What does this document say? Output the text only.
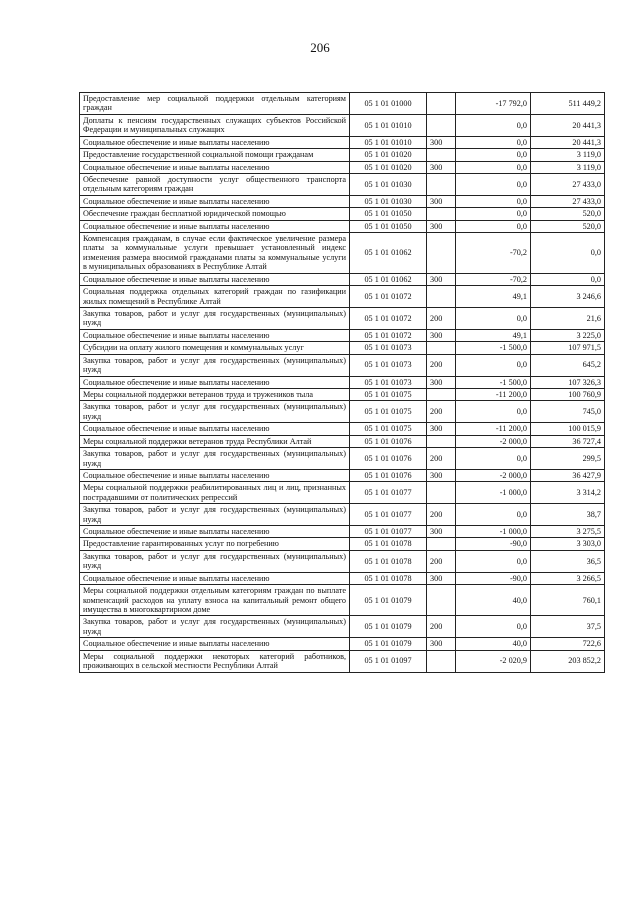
206
Предоставление мер социальной поддержки отдельным категориям граждан	05 1 01 01000		-17 792,0	511 449,2
Доплаты к пенсиям государственных служащих субъектов Российской Федерации и муниципальных служащих	05 1 01 01010		0,0	20 441,3
Социальное обеспечение и иные выплаты населению	05 1 01 01010	300	0,0	20 441,3
Предоставление государственной социальной помощи гражданам	05 1 01 01020		0,0	3 119,0
Социальное обеспечение и иные выплаты населению	05 1 01 01020	300	0,0	3 119,0
Обеспечение равной доступности услуг общественного транспорта отдельным категориям граждан	05 1 01 01030		0,0	27 433,0
Социальное обеспечение и иные выплаты населению	05 1 01 01030	300	0,0	27 433,0
Обеспечение граждан бесплатной юридической помощью	05 1 01 01050		0,0	520,0
Социальное обеспечение и иные выплаты населению	05 1 01 01050	300	0,0	520,0
Компенсация гражданам, в случае если фактическое увеличение размера платы за коммунальные услуги превышает установленный индекс изменения размера вносимой гражданами платы за коммунальные услуги в муниципальных образованиях в Республике Алтай	05 1 01 01062		-70,2	0,0
Социальное обеспечение и иные выплаты населению	05 1 01 01062	300	-70,2	0,0
Социальная поддержка отдельных категорий граждан по газификации жилых помещений в Республике Алтай	05 1 01 01072		49,1	3 246,6
Закупка товаров, работ и услуг для государственных (муниципальных) нужд	05 1 01 01072	200	0,0	21,6
Социальное обеспечение и иные выплаты населению	05 1 01 01072	300	49,1	3 225,0
Субсидии на оплату жилого помещения и коммунальных услуг	05 1 01 01073		-1 500,0	107 971,5
Закупка товаров, работ и услуг для государственных (муниципальных) нужд	05 1 01 01073	200	0,0	645,2
Социальное обеспечение и иные выплаты населению	05 1 01 01073	300	-1 500,0	107 326,3
Меры социальной поддержки ветеранов труда и тружеников тыла	05 1 01 01075		-11 200,0	100 760,9
Закупка товаров, работ и услуг для государственных (муниципальных) нужд	05 1 01 01075	200	0,0	745,0
Социальное обеспечение и иные выплаты населению	05 1 01 01075	300	-11 200,0	100 015,9
Меры социальной поддержки ветеранов труда Республики Алтай	05 1 01 01076		-2 000,0	36 727,4
Закупка товаров, работ и услуг для государственных (муниципальных) нужд	05 1 01 01076	200	0,0	299,5
Социальное обеспечение и иные выплаты населению	05 1 01 01076	300	-2 000,0	36 427,9
Меры социальной поддержки реабилитированных лиц и лиц, признанных пострадавшими от политических репрессий	05 1 01 01077		-1 000,0	3 314,2
Закупка товаров, работ и услуг для государственных (муниципальных) нужд	05 1 01 01077	200	0,0	38,7
Социальное обеспечение и иные выплаты населению	05 1 01 01077	300	-1 000,0	3 275,5
Предоставление гарантированных услуг по погребению	05 1 01 01078		-90,0	3 303,0
Закупка товаров, работ и услуг для государственных (муниципальных) нужд	05 1 01 01078	200	0,0	36,5
Социальное обеспечение и иные выплаты населению	05 1 01 01078	300	-90,0	3 266,5
Меры социальной поддержки отдельным категориям граждан по выплате компенсаций расходов на уплату взноса на капитальный ремонт общего имущества в многоквартирном доме	05 1 01 01079		40,0	760,1
Закупка товаров, работ и услуг для государственных (муниципальных) нужд	05 1 01 01079	200	0,0	37,5
Социальное обеспечение и иные выплаты населению	05 1 01 01079	300	40,0	722,6
Меры социальной поддержки некоторых категорий работников, проживающих в сельской местности Республики Алтай	05 1 01 01097		-2 020,9	203 852,2
